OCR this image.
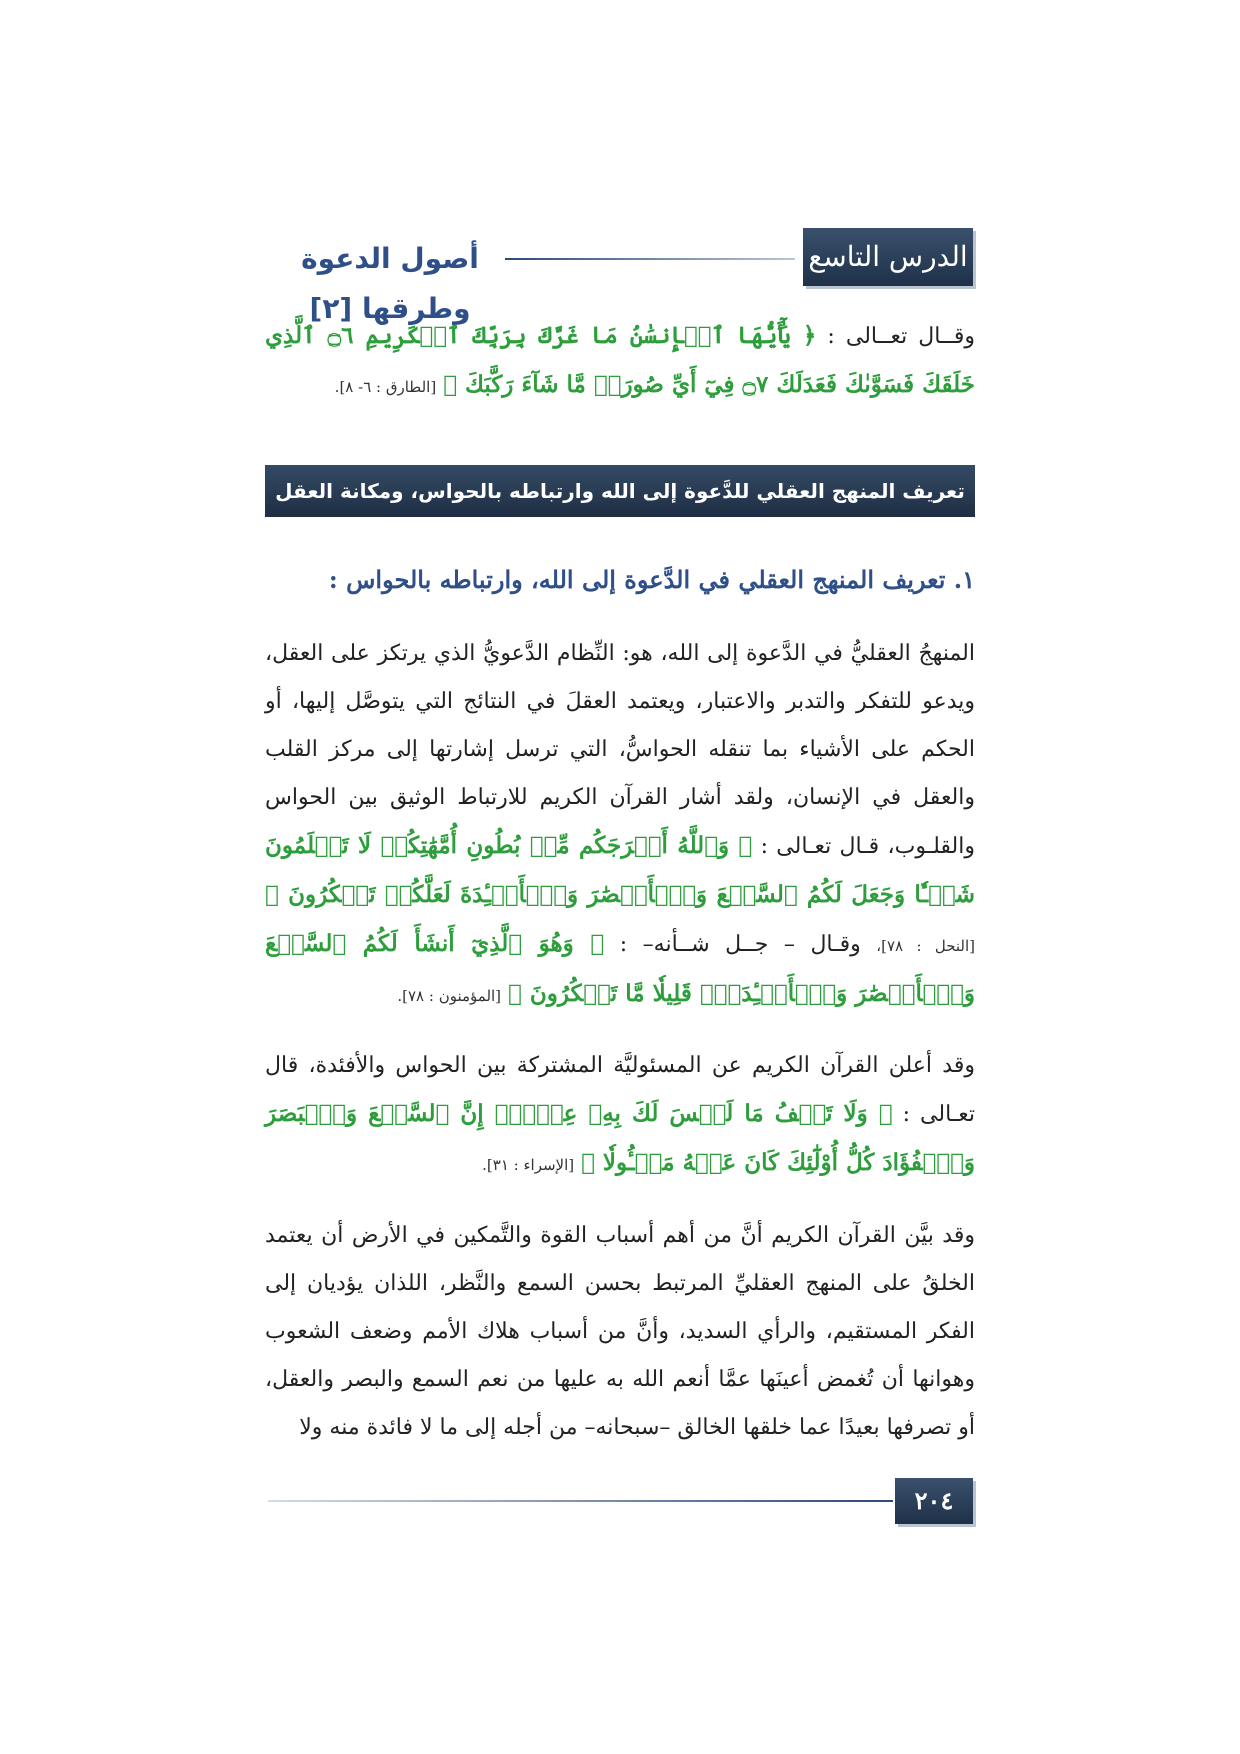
أصول الدعوة وطرقها [٢]
الدرس التاسع
وقــال تعــالى : ﴿ يَٰٓأَيُّهَا ٱلۡإِنسَٰنُ مَا غَرَّكَ بِرَبِّكَ ٱلۡكَرِيمِ ۝٦ ٱلَّذِي خَلَقَكَ فَسَوَّىٰكَ فَعَدَلَكَ ۝٧ فِيٓ أَيِّ صُورَةٖ مَّا شَآءَ رَكَّبَكَ ﴾ [الطارق : ٦- ٨].
تعريف المنهج العقلي للدَّعوة إلى الله وارتباطه بالحواس، ومكانة العقل في الإسلام
١. تعريف المنهج العقلي في الدَّعوة إلى الله، وارتباطه بالحواس :
المنهجُ العقليُّ في الدَّعوة إلى الله، هو: النِّظام الدَّعويُّ الذي يرتكز على العقل، ويدعو للتفكر والتدبر والاعتبار، ويعتمد العقلَ في النتائج التي يتوصَّل إليها، أو الحكم على الأشياء بما تنقله الحواسُّ، التي ترسل إشارتها إلى مركز القلب والعقل في الإنسان، ولقد أشار القرآن الكريم للارتباط الوثيق بين الحواس والقلـوب، قـال تعـالى : ﴿ وَٱللَّهُ أَخۡرَجَكُم مِّنۢ بُطُونِ أُمَّهَٰتِكُمۡ لَا تَعۡلَمُونَ شَيۡـٔٗا وَجَعَلَ لَكُمُ ٱلسَّمۡعَ وَٱلۡأَبۡصَٰرَ وَٱلۡأَفۡـِٔدَةَ لَعَلَّكُمۡ تَشۡكُرُونَ ﴾ [النحل : ٧٨]، وقـال – جــل شــأنه– : ﴿ وَهُوَ ٱلَّذِيٓ أَنشَأَ لَكُمُ ٱلسَّمۡعَ وَٱلۡأَبۡصَٰرَ وَٱلۡأَفۡـِٔدَةَۚ قَلِيلٗا مَّا تَشۡكُرُونَ ﴾ [المؤمنون : ٧٨].
وقد أعلن القرآن الكريم عن المسئوليَّة المشتركة بين الحواس والأفئدة، قال تعـالى : ﴿ وَلَا تَقۡفُ مَا لَيۡسَ لَكَ بِهِۦ عِلۡمٌۚ إِنَّ ٱلسَّمۡعَ وَٱلۡبَصَرَ وَٱلۡفُؤَادَ كُلُّ أُوْلَٰٓئِكَ كَانَ عَنۡهُ مَسۡـُٔولٗا ﴾ [الإسراء : ٣١].
وقد بيَّن القرآن الكريم أنَّ من أهم أسباب القوة والتَّمكين في الأرض أن يعتمد الخلقُ على المنهج العقليِّ المرتبط بحسن السمع والنَّظر، اللذان يؤديان إلى الفكر المستقيم، والرأي السديد، وأنَّ من أسباب هلاك الأمم وضعف الشعوب وهوانها أن تُغمض أعينَها عمَّا أنعم الله به عليها من نعم السمع والبصر والعقل، أو تصرفها بعيدًا عما خلقها الخالق –سبحانه– من أجله إلى ما لا فائدة منه ولا
٢٠٤
